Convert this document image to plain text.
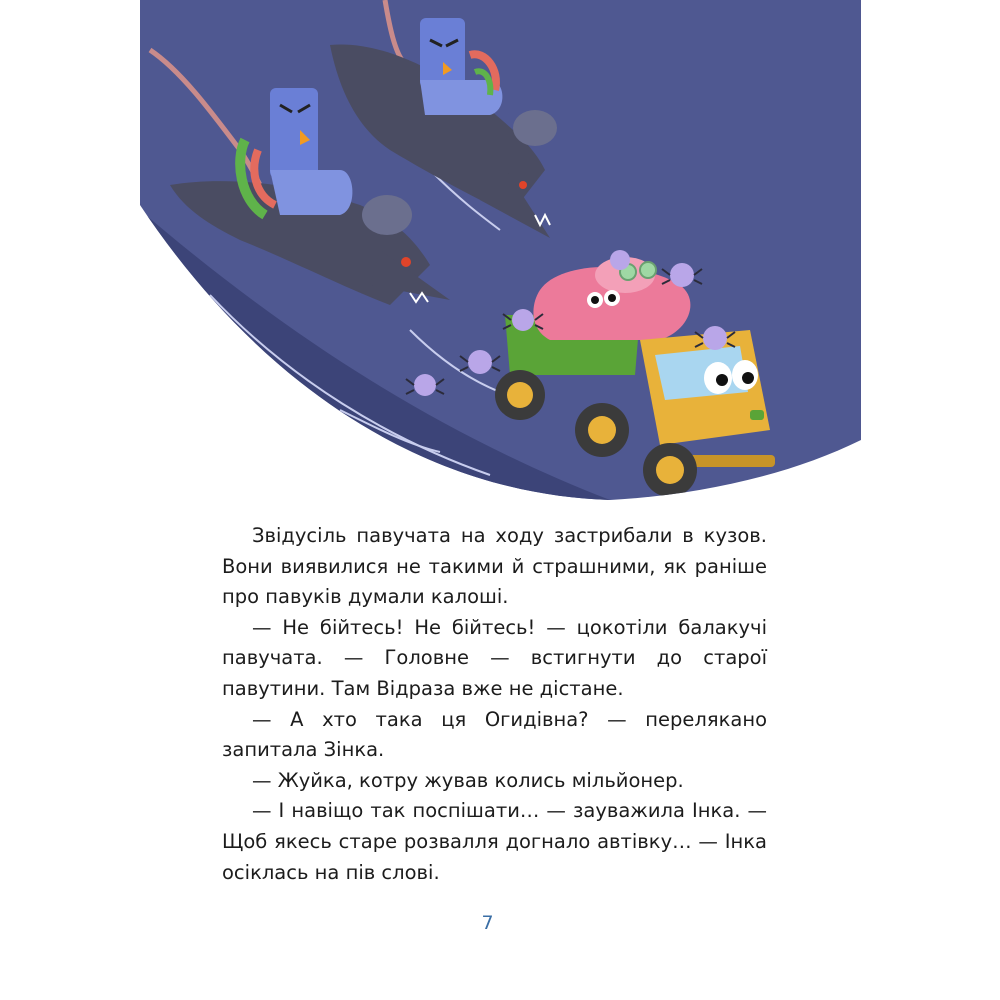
Звідусіль павучата на ходу застрибали в кузов. Вони виявилися не такими й страшними, як раніше про павуків думали калоші.

— Не бійтесь! Не бійтесь! — цокотіли балакучі павучата. — Головне — встигнути до старої павутини. Там Відраза вже не дістане.

— А хто така ця Огидівна? — перелякано запитала Зінка.

— Жуйка, котру жував колись мільйонер.

— І навіщо так поспішати… — зауважила Інка. — Щоб якесь старе розвалля догнало автівку… — Інка осіклась на пів слові.

7
